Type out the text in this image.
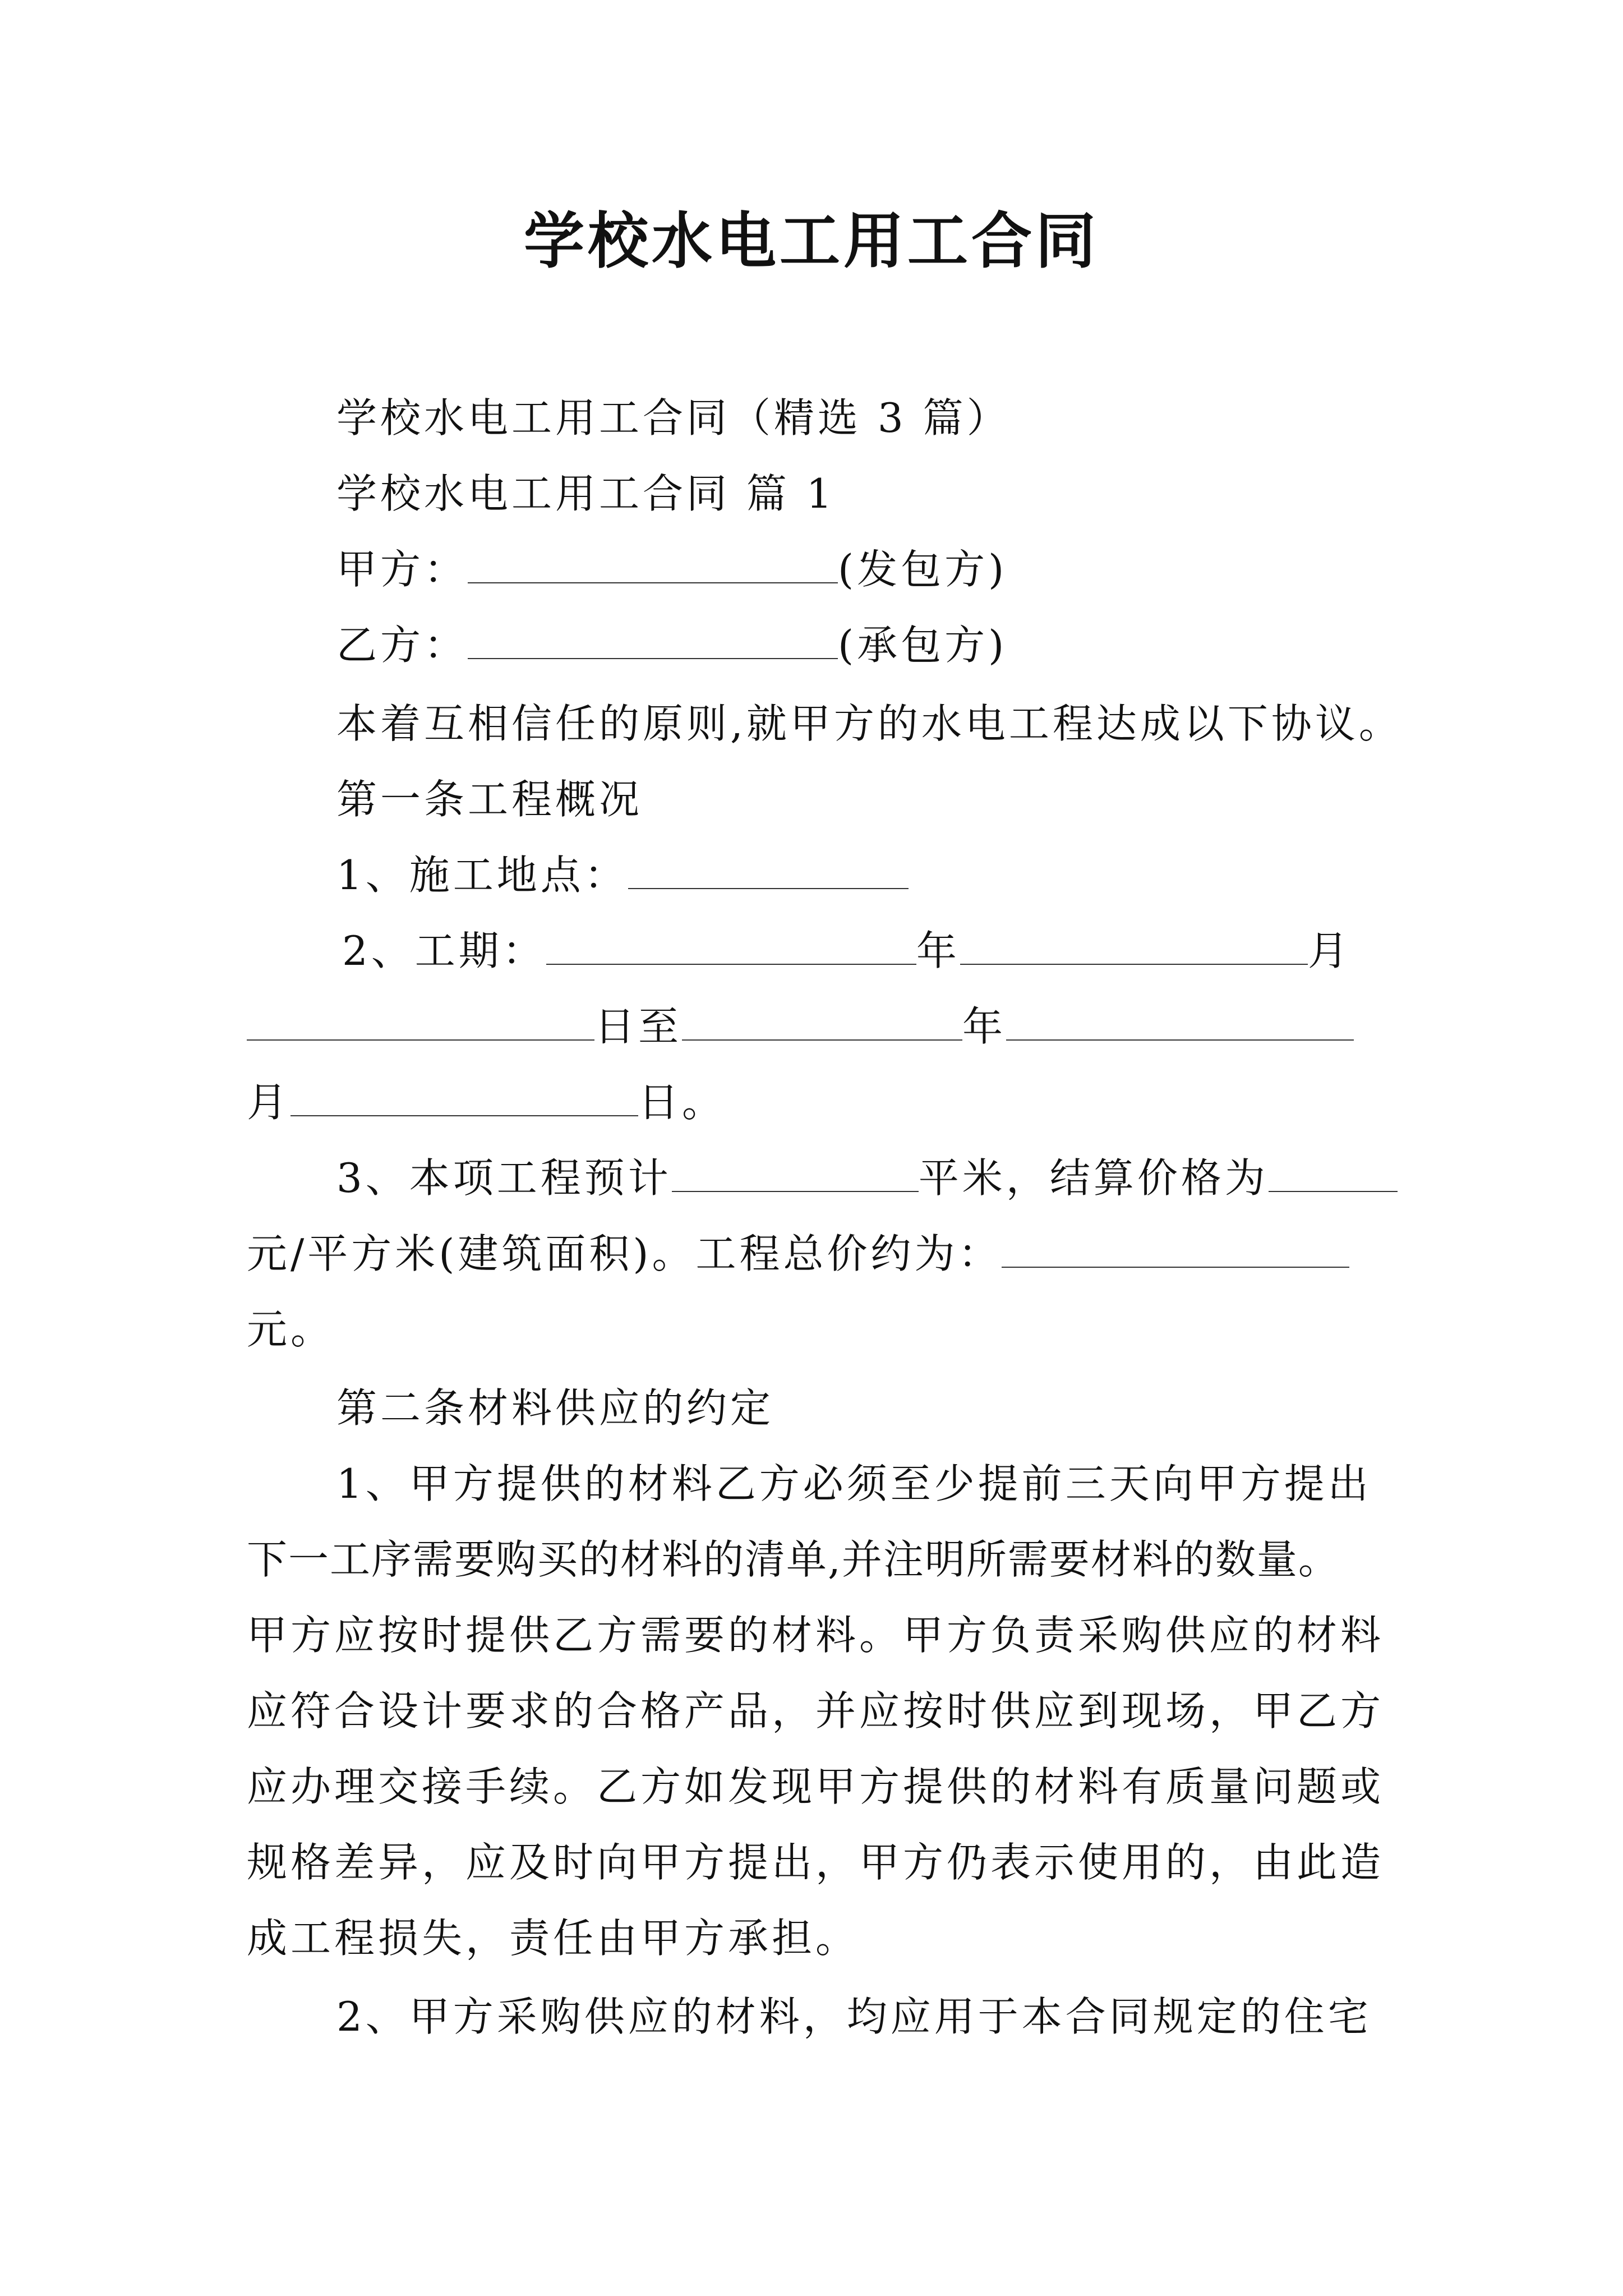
学校水电工用工合同
学校水电工用工合同（精选 3 篇）
学校水电工用工合同 篇 1
甲方：	(发包方)
乙方：	(承包方)
本着互相信任的原则,就甲方的水电工程达成以下协议。
第一条工程概况
1、施工地点：
2、工期：	年	月
日至	年
月	日。
3、本项工程预计	平米，结算价格为
元/平方米(建筑面积)。工程总价约为：
元。
第二条材料供应的约定
1、甲方提供的材料乙方必须至少提前三天向甲方提出
下一工序需要购买的材料的清单,并注明所需要材料的数量。
甲方应按时提供乙方需要的材料。甲方负责采购供应的材料
应符合设计要求的合格产品，并应按时供应到现场，甲乙方
应办理交接手续。乙方如发现甲方提供的材料有质量问题或
规格差异，应及时向甲方提出，甲方仍表示使用的，由此造
成工程损失，责任由甲方承担。
2、甲方采购供应的材料，均应用于本合同规定的住宅
